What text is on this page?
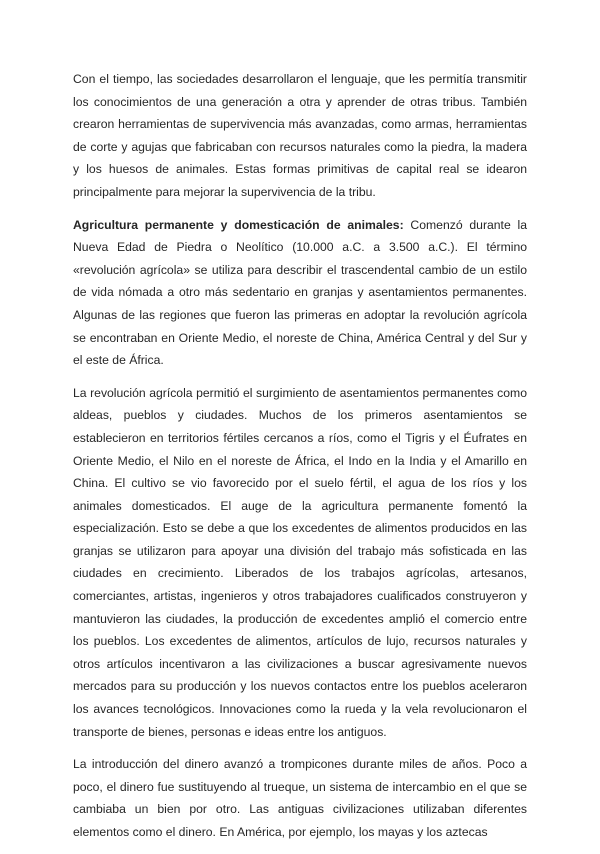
Con el tiempo, las sociedades desarrollaron el lenguaje, que les permitía transmitir los conocimientos de una generación a otra y aprender de otras tribus. También crearon herramientas de supervivencia más avanzadas, como armas, herramientas de corte y agujas que fabricaban con recursos naturales como la piedra, la madera y los huesos de animales. Estas formas primitivas de capital real se idearon principalmente para mejorar la supervivencia de la tribu.

Agricultura permanente y domesticación de animales: Comenzó durante la Nueva Edad de Piedra o Neolítico (10.000 a.C. a 3.500 a.C.). El término «revolución agrícola» se utiliza para describir el trascendental cambio de un estilo de vida nómada a otro más sedentario en granjas y asentamientos permanentes. Algunas de las regiones que fueron las primeras en adoptar la revolución agrícola se encontraban en Oriente Medio, el noreste de China, América Central y del Sur y el este de África.

La revolución agrícola permitió el surgimiento de asentamientos permanentes como aldeas, pueblos y ciudades. Muchos de los primeros asentamientos se establecieron en territorios fértiles cercanos a ríos, como el Tigris y el Éufrates en Oriente Medio, el Nilo en el noreste de África, el Indo en la India y el Amarillo en China. El cultivo se vio favorecido por el suelo fértil, el agua de los ríos y los animales domesticados. El auge de la agricultura permanente fomentó la especialización. Esto se debe a que los excedentes de alimentos producidos en las granjas se utilizaron para apoyar una división del trabajo más sofisticada en las ciudades en crecimiento. Liberados de los trabajos agrícolas, artesanos, comerciantes, artistas, ingenieros y otros trabajadores cualificados construyeron y mantuvieron las ciudades, la producción de excedentes amplió el comercio entre los pueblos. Los excedentes de alimentos, artículos de lujo, recursos naturales y otros artículos incentivaron a las civilizaciones a buscar agresivamente nuevos mercados para su producción y los nuevos contactos entre los pueblos aceleraron los avances tecnológicos. Innovaciones como la rueda y la vela revolucionaron el transporte de bienes, personas e ideas entre los antiguos.

La introducción del dinero avanzó a trompicones durante miles de años. Poco a poco, el dinero fue sustituyendo al trueque, un sistema de intercambio en el que se cambiaba un bien por otro. Las antiguas civilizaciones utilizaban diferentes elementos como el dinero. En América, por ejemplo, los mayas y los aztecas
